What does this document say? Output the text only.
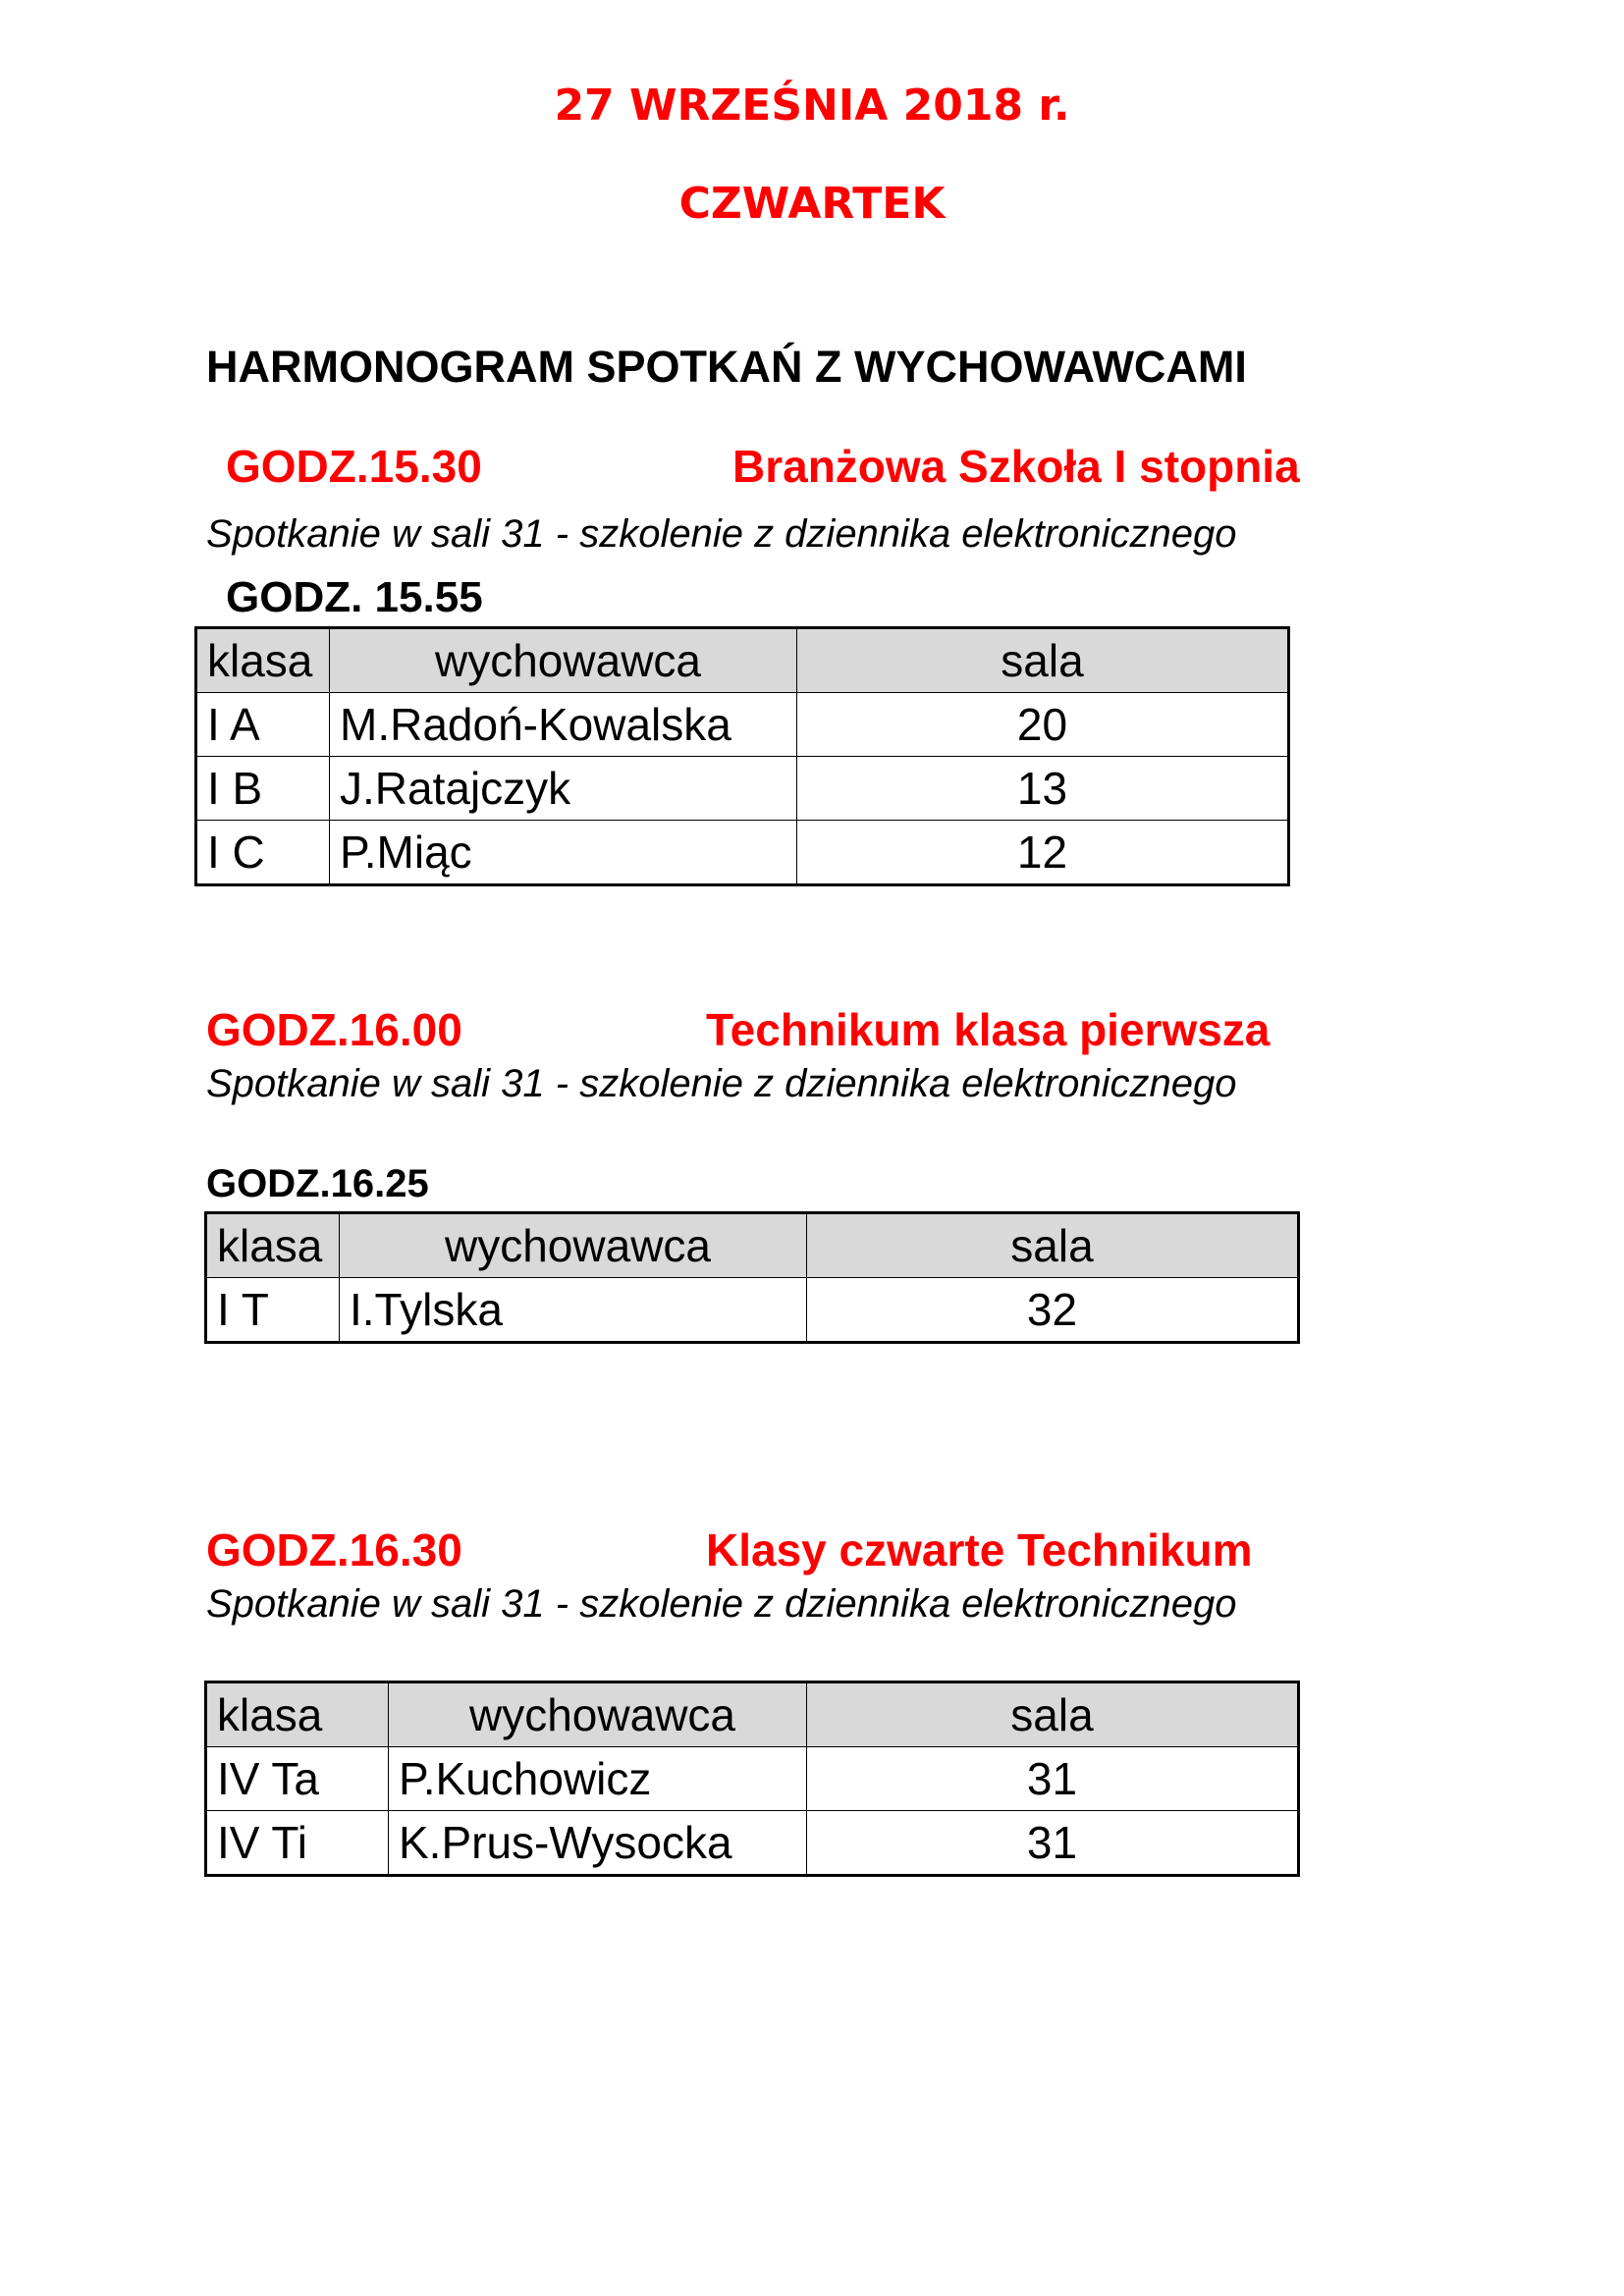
27 WRZEŚNIA 2018 r.
CZWARTEK
HARMONOGRAM SPOTKAŃ Z WYCHOWAWCAMI
GODZ.15.30	Branżowa Szkoła I stopnia
Spotkanie w sali 31 - szkolenie z dziennika elektronicznego
GODZ. 15.55
klasa	wychowawca	sala
I A	M.Radoń-Kowalska	20
I B	J.Ratajczyk	13
I C	P.Miąc	12
GODZ.16.00	Technikum klasa pierwsza
Spotkanie w sali 31 - szkolenie z dziennika elektronicznego
GODZ.16.25
klasa	wychowawca	sala
I T	I.Tylska	32
GODZ.16.30	Klasy czwarte Technikum
Spotkanie w sali 31 - szkolenie z dziennika elektronicznego
klasa	wychowawca	sala
IV Ta	P.Kuchowicz	31
IV Ti	K.Prus-Wysocka	31
